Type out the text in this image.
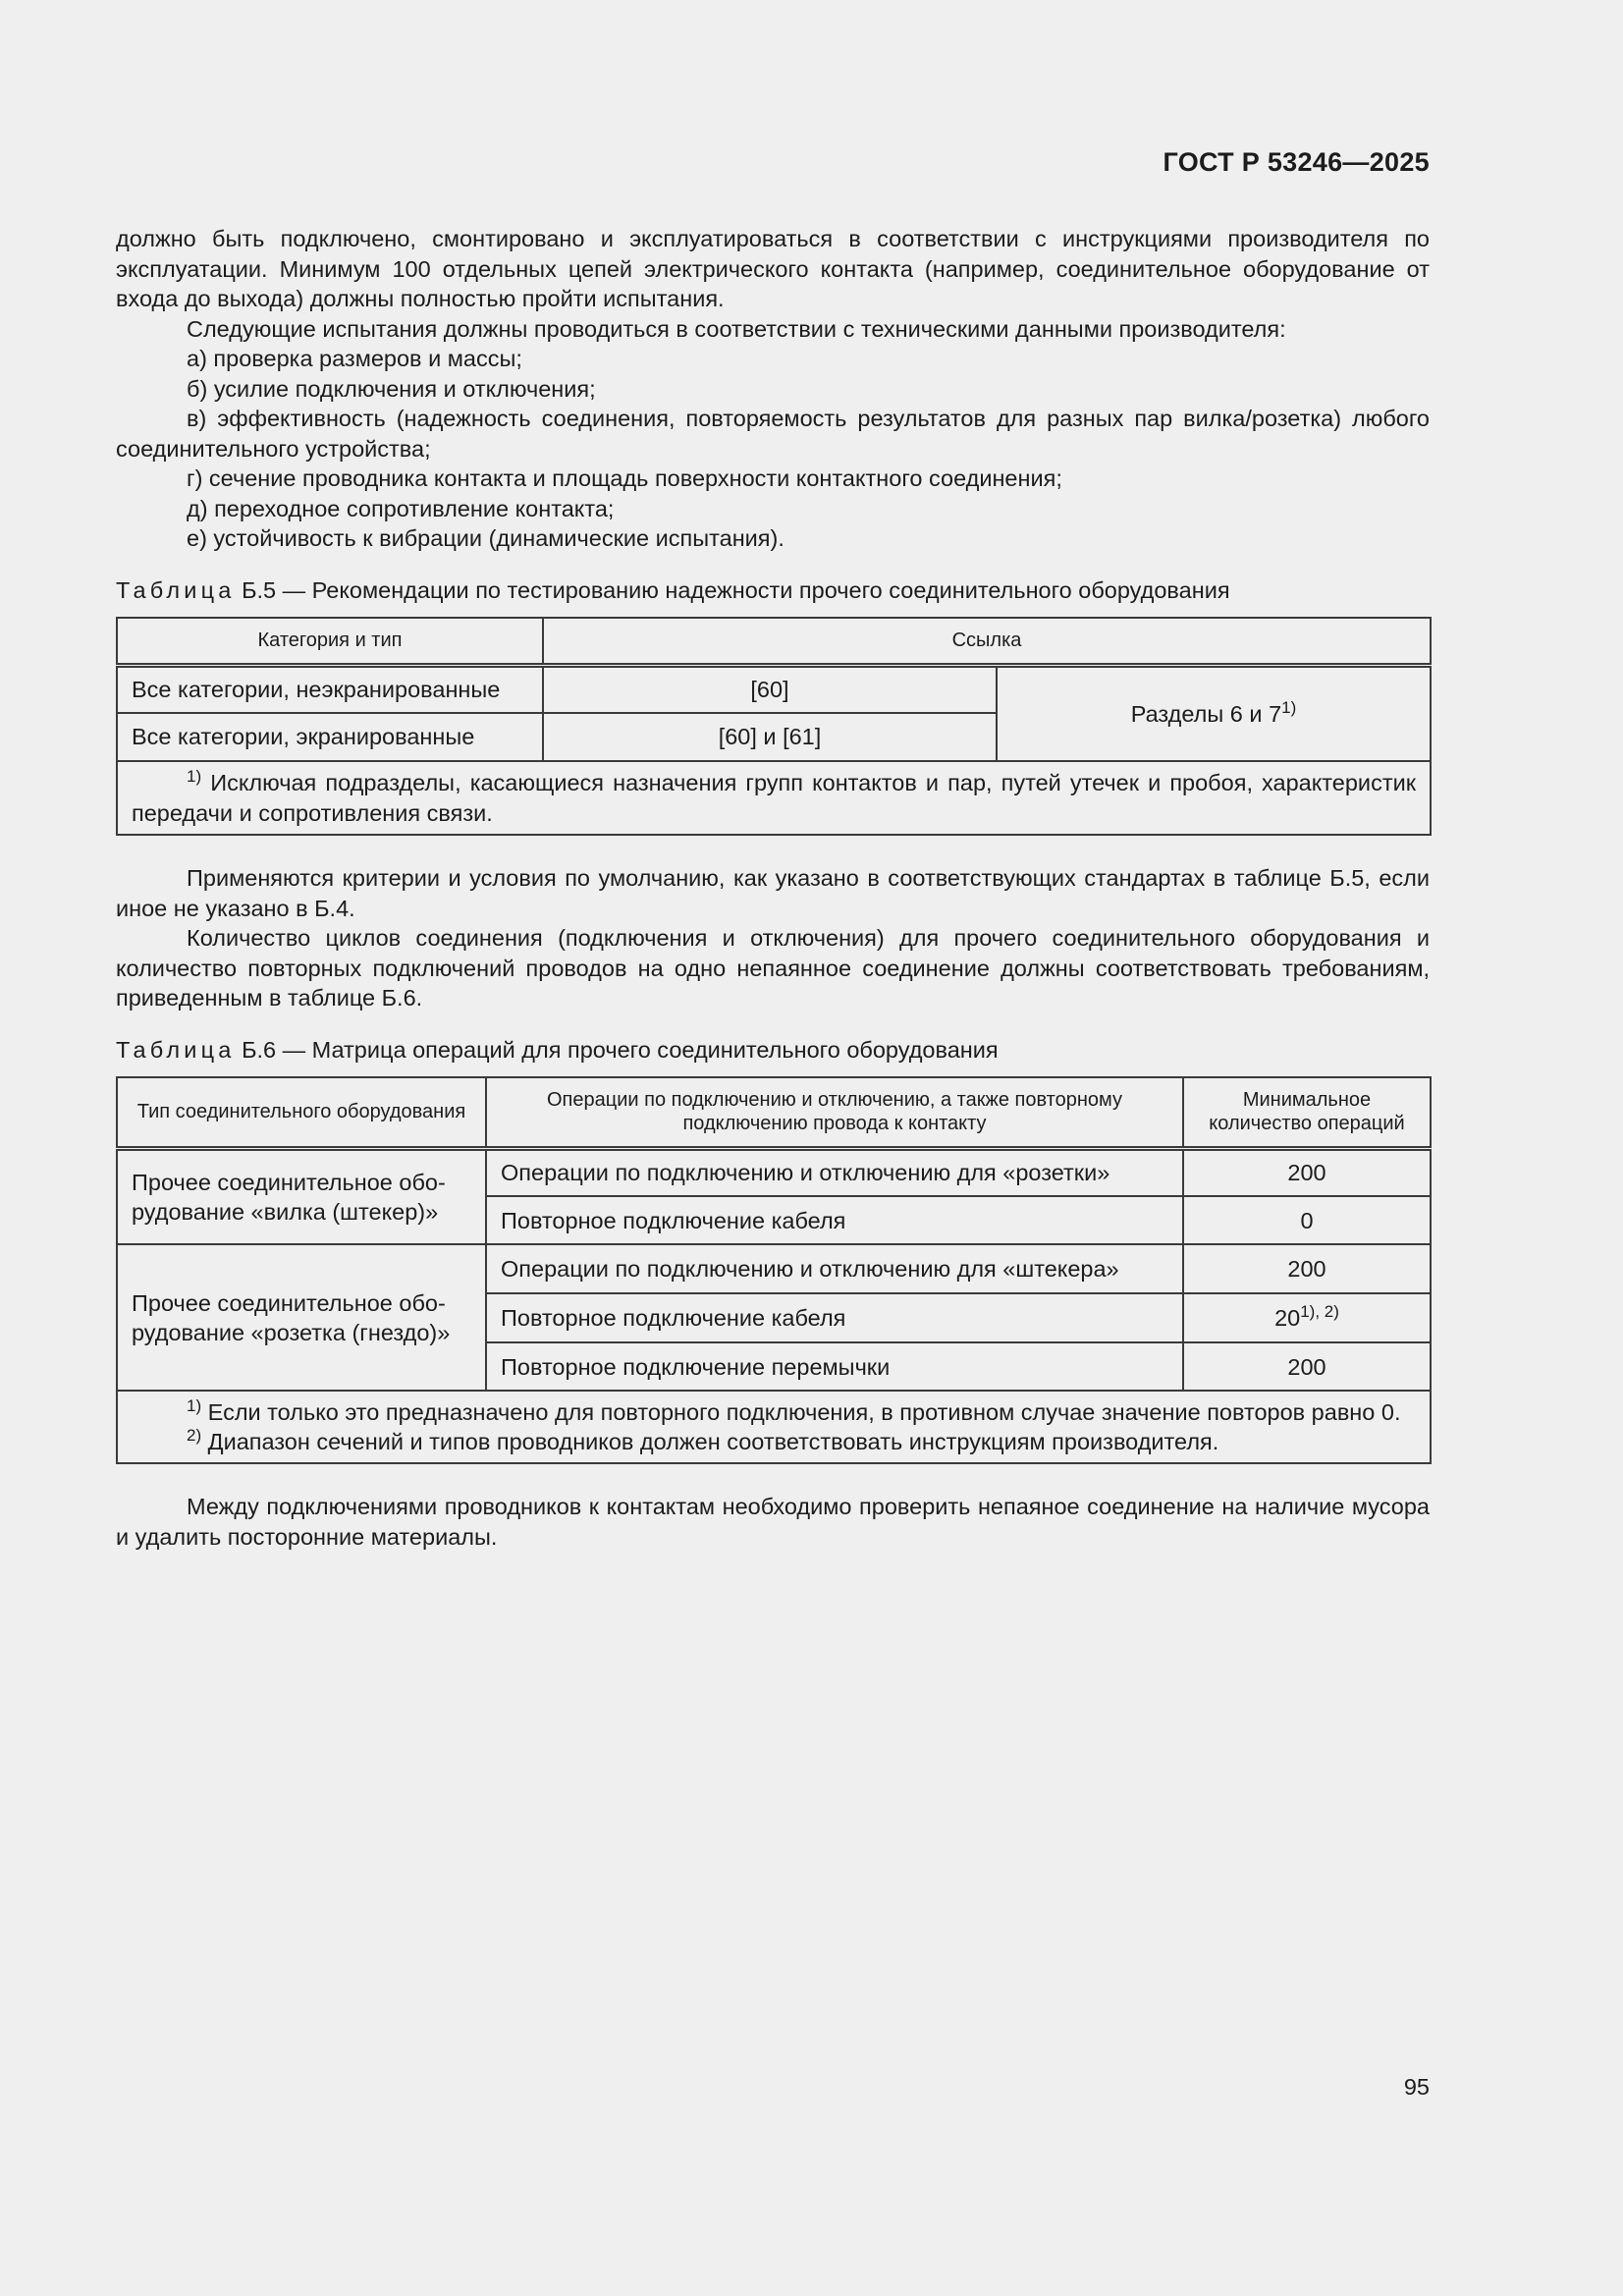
ГОСТ Р 53246—2025

должно быть подключено, смонтировано и эксплуатироваться в соответствии с инструкциями производителя по эксплуатации. Минимум 100 отдельных цепей электрического контакта (например, соединительное оборудование от входа до выхода) должны полностью пройти испытания.

Следующие испытания должны проводиться в соответствии с техническими данными производителя:

а) проверка размеров и массы;

б) усилие подключения и отключения;

в) эффективность (надежность соединения, повторяемость результатов для разных пар вилка/розетка) любого соединительного устройства;

г) сечение проводника контакта и площадь поверхности контактного соединения;

д) переходное сопротивление контакта;

е) устойчивость к вибрации (динамические испытания).

Таблица Б.5 — Рекомендации по тестированию надежности прочего соединительного оборудования

Категория и тип	Ссылка	
Все категории, неэкранированные	[60]	Разделы 6 и 7$^{1)}$
Все категории, экранированные	[60] и [61]	

$^{1)}$ Исключая подразделы, касающиеся назначения групп контактов и пар, путей утечек и пробоя, характеристик передачи и сопротивления связи.		

Применяются критерии и условия по умолчанию, как указано в соответствующих стандартах в таблице Б.5, если иное не указано в Б.4.

Количество циклов соединения (подключения и отключения) для прочего соединительного оборудования и количество повторных подключений проводов на одно непаянное соединение должны соответствовать требованиям, приведенным в таблице Б.6.

Таблица Б.6 — Матрица операций для прочего соединительного оборудования

Тип соединительного оборудования	Операции по подключению и отключению, а также повторному подключению провода к контакту	Минимальное количество операций
Прочее соединительное обо-рудование «вилка (штекер)»	Операции по подключению и отключению для «розетки»	200
	Повторное подключение кабеля	0
Прочее соединительное обо-рудование «розетка (гнездо)»	Операции по подключению и отключению для «штекера»	200
	Повторное подключение кабеля	$20^{1), 2)}$
	Повторное подключение перемычки	200

$^{1)}$ Если только это предназначено для повторного подключения, в противном случае значение повторов равно 0.
$^{2)}$ Диапазон сечений и типов проводников должен соответствовать инструкциям производителя.		

Между подключениями проводников к контактам необходимо проверить непаяное соединение на наличие мусора и удалить посторонние материалы.

95
